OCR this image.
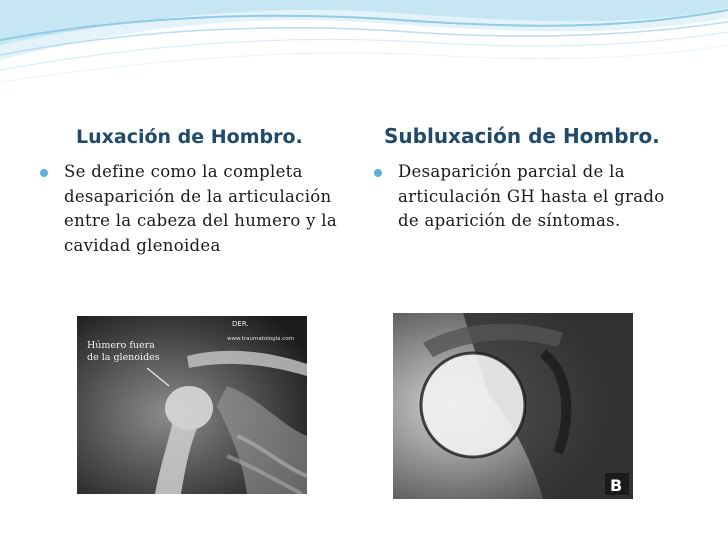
Luxación de Hombro.
Se define como la completa desaparición de la articulación entre la cabeza del humero y la cavidad glenoidea
Subluxación de Hombro.
Desaparición parcial de la articulación GH hasta el grado de aparición de síntomas.
DER.
www.traumatologia.com
Húmero fuera de la glenoides
B
